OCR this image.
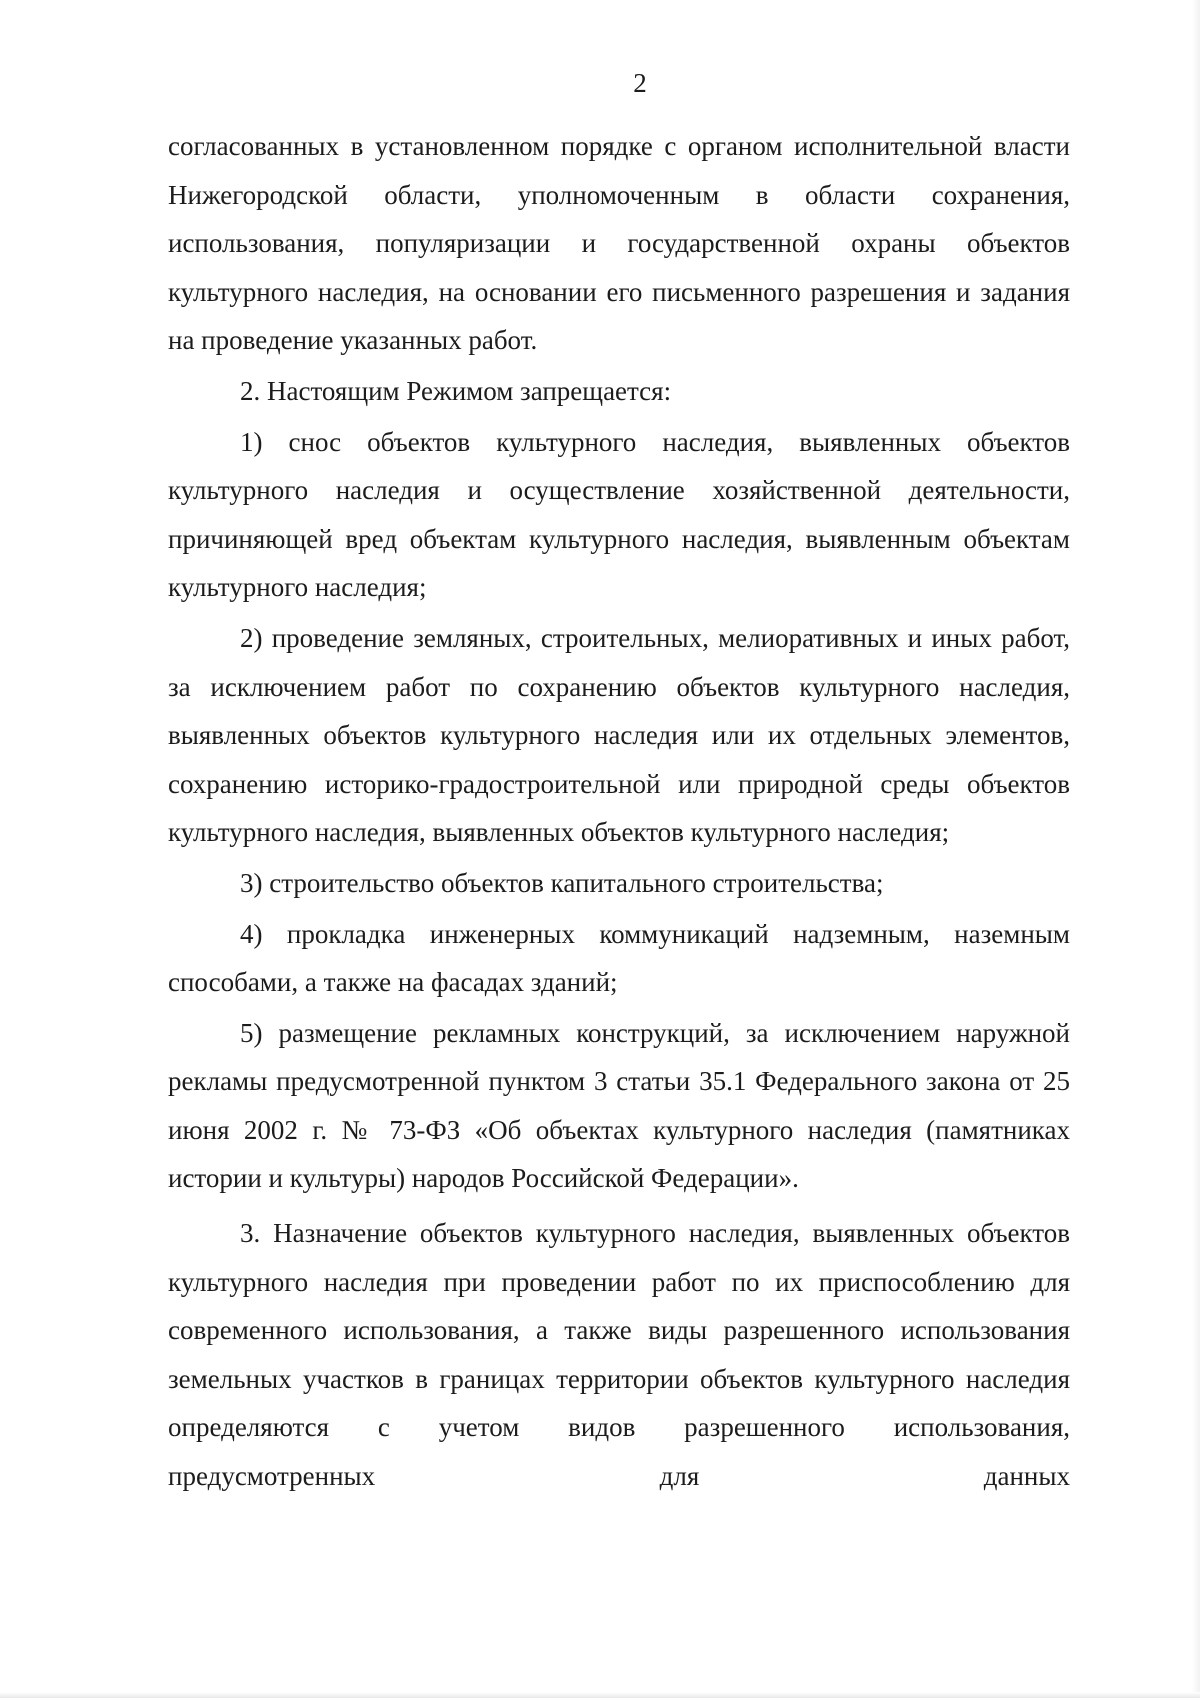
2

согласованных в установленном порядке с органом исполнительной власти Нижегородской области, уполномоченным в области сохранения, использования, популяризации и государственной охраны объектов культурного наследия, на основании его письменного разрешения и задания на проведение указанных работ.

2. Настоящим Режимом запрещается:

1) снос объектов культурного наследия, выявленных объектов культурного наследия и осуществление хозяйственной деятельности, причиняющей вред объектам культурного наследия, выявленным объектам культурного наследия;

2) проведение земляных, строительных, мелиоративных и иных работ, за исключением работ по сохранению объектов культурного наследия, выявленных объектов культурного наследия или их отдельных элементов, сохранению историко-градостроительной или природной среды объектов культурного наследия, выявленных объектов культурного наследия;

3) строительство объектов капитального строительства;

4) прокладка инженерных коммуникаций надземным, наземным способами, а также на фасадах зданий;

5) размещение рекламных конструкций, за исключением наружной рекламы предусмотренной пунктом 3 статьи 35.1 Федерального закона от 25 июня 2002 г. № 73-ФЗ «Об объектах культурного наследия (памятниках истории и культуры) народов Российской Федерации».

3. Назначение объектов культурного наследия, выявленных объектов культурного наследия при проведении работ по их приспособлению для современного использования, а также виды разрешенного использования земельных участков в границах территории объектов культурного наследия определяются с учетом видов разрешенного использования, предусмотренных для данных
